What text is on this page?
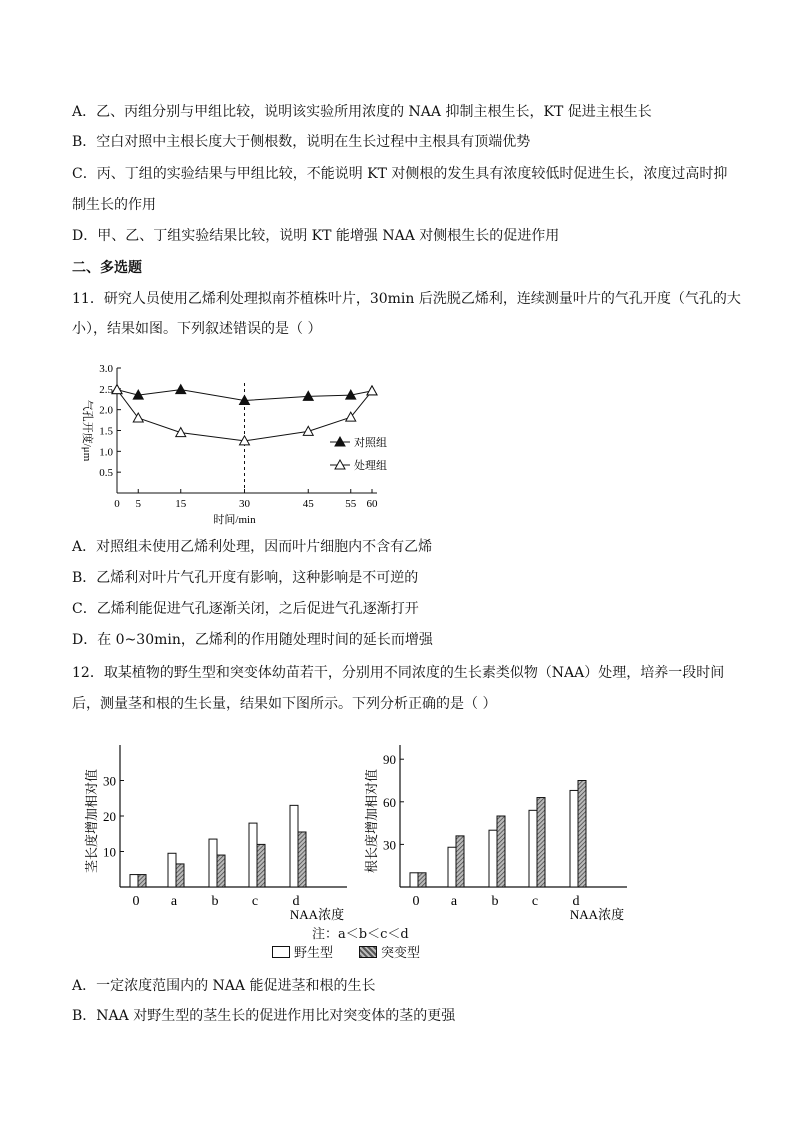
A．乙、丙组分别与甲组比较，说明该实验所用浓度的 NAA 抑制主根生长，KT 促进主根生长
B．空白对照中主根长度大于侧根数，说明在生长过程中主根具有顶端优势
C．丙、丁组的实验结果与甲组比较，不能说明 KT 对侧根的发生具有浓度较低时促进生长，浓度过高时抑
制生长的作用
D．甲、乙、丁组实验结果比较，说明 KT 能增强 NAA 对侧根生长的促进作用
二、多选题
11．研究人员使用乙烯利处理拟南芥植株叶片，30min 后洗脱乙烯利，连续测量叶片的气孔开度（气孔的大
小），结果如图。下列叙述错误的是（ ）
0.5
1.0
1.5
2.0
2.5
3.0
0 5	15	30	45	55 60
时间/min
气孔开度/μm	对照组
处理组
A．对照组未使用乙烯利处理，因而叶片细胞内不含有乙烯
B．乙烯利对叶片气孔开度有影响，这种影响是不可逆的
C．乙烯利能促进气孔逐渐关闭，之后促进气孔逐渐打开
D．在 0~30min，乙烯利的作用随处理时间的延长而增强
12．取某植物的野生型和突变体幼苗若干，分别用不同浓度的生长素类似物（NAA）处理，培养一段时间
后，测量茎和根的生长量，结果如下图所示。下列分析正确的是（ ）
10
20
30
茎长度增加相对值
0 a b c d
NAA浓度
30
60
90
根长度增加相对值
0 a b c d
NAA浓度
注：a＜b＜c＜d
野生型	突变型
A．一定浓度范围内的 NAA 能促进茎和根的生长
B．NAA 对野生型的茎生长的促进作用比对突变体的茎的更强
